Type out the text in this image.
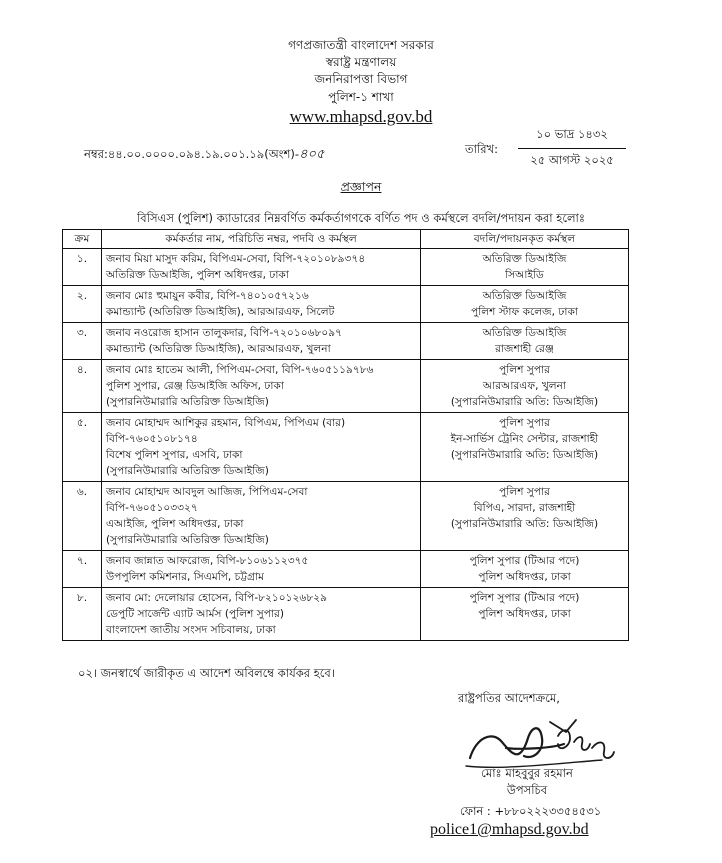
গণপ্রজাতন্ত্রী বাংলাদেশ সরকার
স্বরাষ্ট্র মন্ত্রণালয়
জননিরাপত্তা বিভাগ
পুলিশ-১ শাখা
www.mhapsd.gov.bd
নম্বর:৪৪.০০.০০০০.০৯৪.১৯.০০১.১৯(অংশ)-৪০৫	তারিখ:
১০ ভাদ্র ১৪৩২
২৫ আগস্ট ২০২৫
প্রজ্ঞাপন
বিসিএস (পুলিশ) ক্যাডারের নিম্নবর্ণিত কর্মকর্তাগণকে বর্ণিত পদ ও কর্মস্থলে বদলি/পদায়ন করা হলোঃ
ক্রম	কর্মকর্তার নাম, পরিচিতি নম্বর, পদবি ও কর্মস্থল	বদলি/পদায়নকৃত কর্মস্থল
১.	জনাব মিয়া মাসুদ করিম, বিপিএম-সেবা, বিপি-৭২০১০৮৯৩৭৪
অতিরিক্ত ডিআইজি, পুলিশ অধিদপ্তর, ঢাকা	অতিরিক্ত ডিআইজি
সিআইডি

২.	জনাব মোঃ হুমায়ুন কবীর, বিপি-৭৪০১০৫৭২১৬
কমান্ড্যান্ট (অতিরিক্ত ডিআইজি), আরআরএফ, সিলেট	অতিরিক্ত ডিআইজি
পুলিশ স্টাফ কলেজ, ঢাকা

৩.	জনাব নওরোজ হাসান তালুকদার, বিপি-৭২০১০৬৮০৯৭
কমান্ড্যান্ট (অতিরিক্ত ডিআইজি), আরআরএফ, খুলনা	অতিরিক্ত ডিআইজি
রাজশাহী রেঞ্জ

৪.	জনাব মোঃ হাতেম আলী, পিপিএম-সেবা, বিপি-৭৬০৫১১৯৭৮৬
পুলিশ সুপার, রেঞ্জ ডিআইজি অফিস, ঢাকা
(সুপারনিউমারারি অতিরিক্ত ডিআইজি)	পুলিশ সুপার
আরআরএফ, খুলনা
(সুপারনিউমারারি অতি: ডিআইজি)

৫.	জনাব মোহাম্মদ আশিকুর রহমান, বিপিএম, পিপিএম (বার)
বিপি-৭৬০৫১০৮১৭৪
বিশেষ পুলিশ সুপার, এসবি, ঢাকা
(সুপারনিউমারারি অতিরিক্ত ডিআইজি)	পুলিশ সুপার
ইন-সার্ভিস ট্রেনিং সেন্টার, রাজশাহী
(সুপারনিউমারারি অতি: ডিআইজি)

৬.	জনাব মোহাম্মদ আবদুল আজিজ, পিপিএম-সেবা
বিপি-৭৬০৫১০৩৩২৭
এআইজি, পুলিশ অধিদপ্তর, ঢাকা
(সুপারনিউমারারি অতিরিক্ত ডিআইজি)	পুলিশ সুপার
বিপিএ, সারদা, রাজশাহী
(সুপারনিউমারারি অতি: ডিআইজি)

৭.	জনাব জান্নাত আফরোজ, বিপি-৮১০৬১১২৩৭৫
উপপুলিশ কমিশনার, সিএমপি, চট্টগ্রাম	পুলিশ সুপার (টিআর পদে)
পুলিশ অধিদপ্তর, ঢাকা

৮.	জনাব মো: দেলোয়ার হোসেন, বিপি-৮২১০১২৬৮২৯
ডেপুটি সার্জেন্ট এ্যাট আর্মস (পুলিশ সুপার)
বাংলাদেশ জাতীয় সংসদ সচিবালয়, ঢাকা	পুলিশ সুপার (টিআর পদে)
পুলিশ অধিদপ্তর, ঢাকা
০২। জনস্বার্থে জারীকৃত এ আদেশ অবিলম্বে কার্যকর হবে।
রাষ্ট্রপতির আদেশক্রমে,
মোঃ মাহবুবুর রহমান
উপসচিব
ফোন : +৮৮০২২২৩৩৫৪৫৩১
police1@mhapsd.gov.bd
